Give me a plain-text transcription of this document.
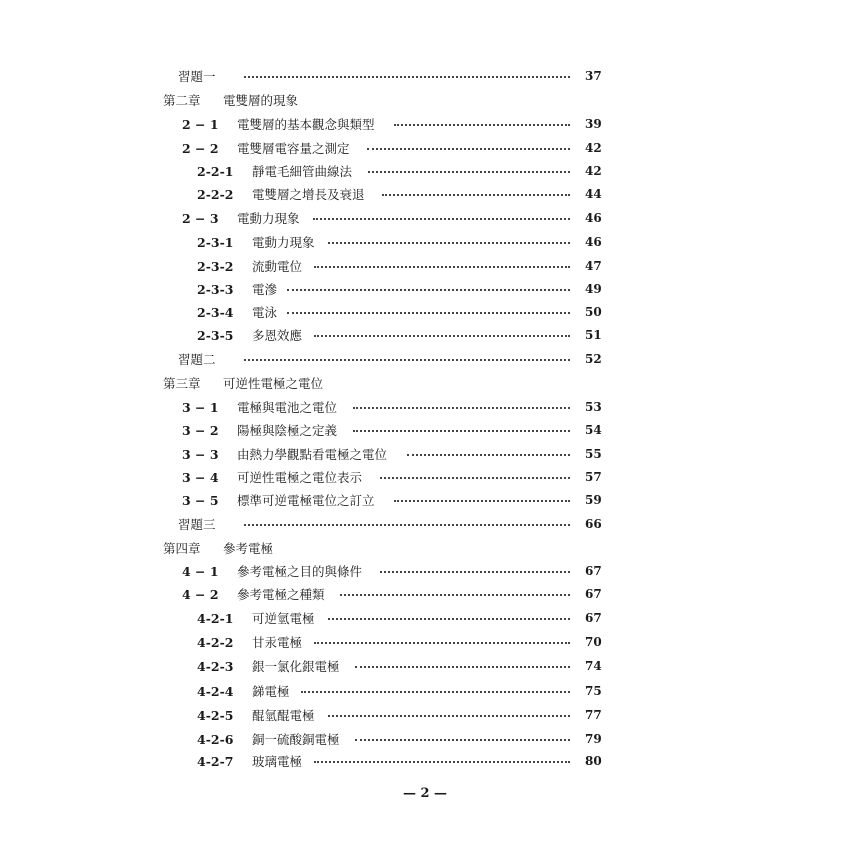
習題一	37
第二章 電雙層的現象
2 − 1 電雙層的基本觀念與類型	39
2 − 2 電雙層電容量之測定	42
2-2-1 靜電毛細管曲線法	42
2-2-2 電雙層之增長及衰退	44
2 − 3 電動力現象	46
2-3-1 電動力現象	46
2-3-2 流動電位	47
2-3-3 電滲	49
2-3-4 電泳	50
2-3-5 多恩效應	51
習題二	52
第三章 可逆性電極之電位
3 − 1 電極與電池之電位	53
3 − 2 陽極與陰極之定義	54
3 − 3 由熱力學觀點看電極之電位	55
3 − 4 可逆性電極之電位表示	57
3 − 5 標準可逆電極電位之訂立	59
習題三	66
第四章 參考電極
4 − 1 參考電極之目的與條件	67
4 − 2 參考電極之種類	67
4-2-1 可逆氫電極	67
4-2-2 甘汞電極	70
4-2-3 銀一氯化銀電極	74
4-2-4 銻電極	75
4-2-5 醌氫醌電極	77
4-2-6 銅一硫酸銅電極	79
4-2-7 玻璃電極	80
— 2 —
